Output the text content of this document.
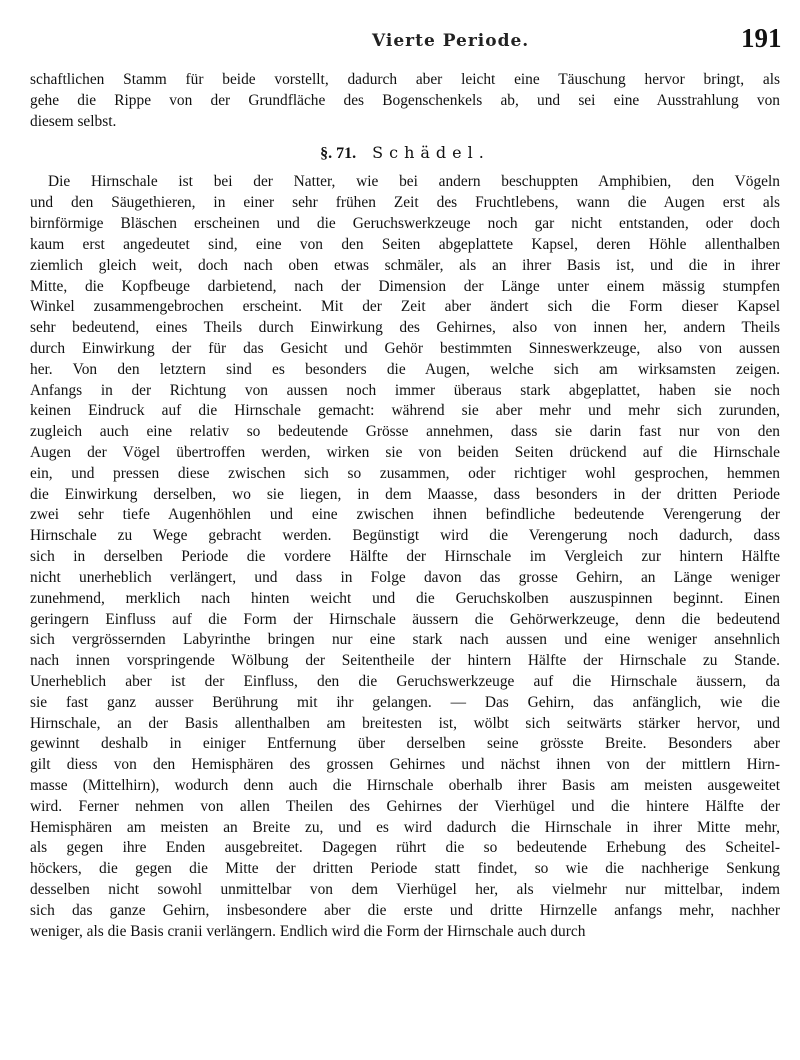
Vierte Periode.	191
schaftlichen Stamm für beide vorstellt, dadurch aber leicht eine Täuschung hervor bringt, als
gehe die Rippe von der Grundfläche des Bogenschenkels ab, und sei eine Ausstrahlung von
diesem selbst.
§. 71. Schädel.
Die Hirnschale ist bei der Natter, wie bei andern beschuppten Amphibien, den Vögeln
und den Säugethieren, in einer sehr frühen Zeit des Fruchtlebens, wann die Augen erst als
birnförmige Bläschen erscheinen und die Geruchswerkzeuge noch gar nicht entstanden, oder doch
kaum erst angedeutet sind, eine von den Seiten abgeplattete Kapsel, deren Höhle allenthalben
ziemlich gleich weit, doch nach oben etwas schmäler, als an ihrer Basis ist, und die in ihrer
Mitte, die Kopfbeuge darbietend, nach der Dimension der Länge unter einem mässig stumpfen
Winkel zusammengebrochen erscheint. Mit der Zeit aber ändert sich die Form dieser Kapsel
sehr bedeutend, eines Theils durch Einwirkung des Gehirnes, also von innen her, andern Theils
durch Einwirkung der für das Gesicht und Gehör bestimmten Sinneswerkzeuge, also von aussen
her. Von den letztern sind es besonders die Augen, welche sich am wirksamsten zeigen.
Anfangs in der Richtung von aussen noch immer überaus stark abgeplattet, haben sie noch
keinen Eindruck auf die Hirnschale gemacht: während sie aber mehr und mehr sich zurunden,
zugleich auch eine relativ so bedeutende Grösse annehmen, dass sie darin fast nur von den
Augen der Vögel übertroffen werden, wirken sie von beiden Seiten drückend auf die Hirnschale
ein, und pressen diese zwischen sich so zusammen, oder richtiger wohl gesprochen, hemmen
die Einwirkung derselben, wo sie liegen, in dem Maasse, dass besonders in der dritten Periode
zwei sehr tiefe Augenhöhlen und eine zwischen ihnen befindliche bedeutende Verengerung der
Hirnschale zu Wege gebracht werden. Begünstigt wird die Verengerung noch dadurch, dass
sich in derselben Periode die vordere Hälfte der Hirnschale im Vergleich zur hintern Hälfte
nicht unerheblich verlängert, und dass in Folge davon das grosse Gehirn, an Länge weniger
zunehmend, merklich nach hinten weicht und die Geruchskolben auszuspinnen beginnt. Einen
geringern Einfluss auf die Form der Hirnschale äussern die Gehörwerkzeuge, denn die bedeutend
sich vergrössernden Labyrinthe bringen nur eine stark nach aussen und eine weniger ansehnlich
nach innen vorspringende Wölbung der Seitentheile der hintern Hälfte der Hirnschale zu Stande.
Unerheblich aber ist der Einfluss, den die Geruchswerkzeuge auf die Hirnschale äussern, da
sie fast ganz ausser Berührung mit ihr gelangen. — Das Gehirn, das anfänglich, wie die
Hirnschale, an der Basis allenthalben am breitesten ist, wölbt sich seitwärts stärker hervor, und
gewinnt deshalb in einiger Entfernung über derselben seine grösste Breite. Besonders aber
gilt diess von den Hemisphären des grossen Gehirnes und nächst ihnen von der mittlern Hirn-
masse (Mittelhirn), wodurch denn auch die Hirnschale oberhalb ihrer Basis am meisten ausgeweitet
wird. Ferner nehmen von allen Theilen des Gehirnes der Vierhügel und die hintere Hälfte der
Hemisphären am meisten an Breite zu, und es wird dadurch die Hirnschale in ihrer Mitte mehr,
als gegen ihre Enden ausgebreitet. Dagegen rührt die so bedeutende Erhebung des Scheitel-
höckers, die gegen die Mitte der dritten Periode statt findet, so wie die nachherige Senkung
desselben nicht sowohl unmittelbar von dem Vierhügel her, als vielmehr nur mittelbar, indem
sich das ganze Gehirn, insbesondere aber die erste und dritte Hirnzelle anfangs mehr, nachher
weniger, als die Basis cranii verlängern. Endlich wird die Form der Hirnschale auch durch
